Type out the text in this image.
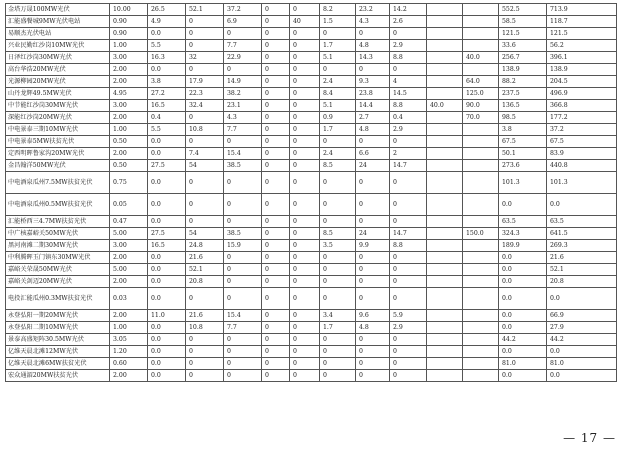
金塔万晟100MW光伏	10.00	26.5	52.1	37.2	0	0	8.2	23.2	14.2			552.5	713.9
汇能盛餐城9MW光伏电站	0.90	4.9	0	6.9	0	40	1.5	4.3	2.6			58.5	118.7
易顺杰光伏电站	0.90	0.0	0	0	0	0	0	0	0			121.5	121.5
兴业民勤红沙岗10MW光伏	1.00	5.5	0	7.7	0	0	1.7	4.8	2.9			33.6	56.2
日泽红沙岗30MW光伏	3.00	16.3	32	22.9	0	0	5.1	14.3	8.8		40.0	256.7	396.1
高台华浩20MW光伏	2.00	0.0	0	0	0	0	0	0	0			138.9	138.9
光源柳园20MW光伏	2.00	3.8	17.9	14.9	0	0	2.4	9.3	4		64.0	88.2	204.5
山丹龙辉49.5MW光伏	4.95	27.2	22.3	38.2	0	0	8.4	23.8	14.5		125.0	237.5	496.9
中节能红沙岗30MW光伏	3.00	16.5	32.4	23.1	0	0	5.1	14.4	8.8	40.0	90.0	136.5	366.8
深能红沙岗20MW光伏	2.00	0.4	0	4.3	0	0	0.9	2.7	0.4		70.0	98.5	177.2
中电景泰三期10MW光伏	1.00	5.5	10.8	7.7	0	0	1.7	4.8	2.9			3.8	37.2
中电景泰5MW扶贫光伏	0.50	0.0	0	0	0	0	0	0	0			67.5	67.5
定西明晖鲁家沟20MW光伏	2.00	0.0	7.4	15.4	0	0	2.4	6.6	2			50.1	83.9
金昌翰洋50MW光伏	0.50	27.5	54	38.5	0	0	8.5	24	14.7			273.6	440.8
中电酒泉瓜州7.5MW扶贫光伏	0.75	0.0	0	0	0	0	0	0	0			101.3	101.3
中电酒泉瓜州0.5MW扶贫光伏	0.05	0.0	0	0	0	0	0	0	0			0.0	0.0
汇能桥西三4.7MW扶贫光伏	0.47	0.0	0	0	0	0	0	0	0			63.5	63.5
中广核嘉峪关50MW光伏	5.00	27.5	54	38.5	0	0	8.5	24	14.7		150.0	324.3	641.5
黑河南滩二期30MW光伏	3.00	16.5	24.8	15.9	0	0	3.5	9.9	8.8			189.9	269.3
中利腾晖玉门镇东30MW光伏	2.00	0.0	21.6	0	0	0	0	0	0			0.0	21.6
嘉峪关荣晟50MW光伏	5.00	0.0	52.1	0	0	0	0	0	0			0.0	52.1
嘉峪关剑迈20MW光伏	2.00	0.0	20.8	0	0	0	0	0	0			0.0	20.8
电投汇能瓜州0.3MW扶贫光伏	0.03	0.0	0	0	0	0	0	0	0			0.0	0.0
永登弘阳一期20MW光伏	2.00	11.0	21.6	15.4	0	0	3.4	9.6	5.9			0.0	66.9
永登弘阳二期10MW光伏	1.00	0.0	10.8	7.7	0	0	1.7	4.8	2.9			0.0	27.9
景泰高盛矩阵30.5MW光伏	3.05	0.0	0	0	0	0	0	0	0			44.2	44.2
亿维天晨北滩12MW光伏	1.20	0.0	0	0	0	0	0	0	0			0.0	0.0
亿维天晨北滩6MW扶贫光伏	0.60	0.0	0	0	0	0	0	0	0			81.0	81.0
宏众通湄20MW扶贫光伏	2.00	0.0	0	0	0	0	0	0	0			0.0	0.0
— 17 —
